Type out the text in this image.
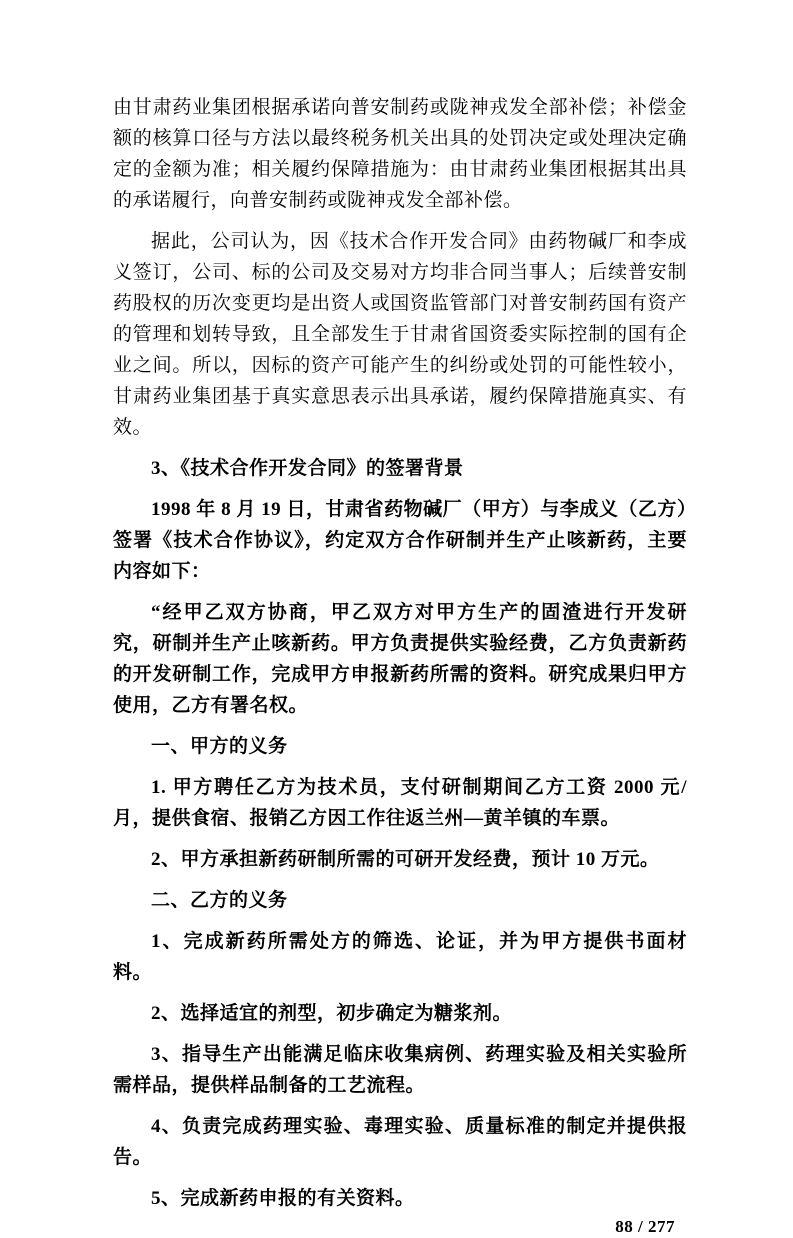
由甘肃药业集团根据承诺向普安制药或陇神戎发全部补偿；补偿金额的核算口径与方法以最终税务机关出具的处罚决定或处理决定确定的金额为准；相关履约保障措施为：由甘肃药业集团根据其出具的承诺履行，向普安制药或陇神戎发全部补偿。

据此，公司认为，因《技术合作开发合同》由药物碱厂和李成义签订，公司、标的公司及交易对方均非合同当事人；后续普安制药股权的历次变更均是出资人或国资监管部门对普安制药国有资产的管理和划转导致，且全部发生于甘肃省国资委实际控制的国有企业之间。所以，因标的资产可能产生的纠纷或处罚的可能性较小，甘肃药业集团基于真实意思表示出具承诺，履约保障措施真实、有效。

3、《技术合作开发合同》的签署背景

1998 年 8 月 19 日，甘肃省药物碱厂（甲方）与李成义（乙方）签署《技术合作协议》，约定双方合作研制并生产止咳新药，主要内容如下：

“经甲乙双方协商，甲乙双方对甲方生产的固渣进行开发研究，研制并生产止咳新药。甲方负责提供实验经费，乙方负责新药的开发研制工作，完成甲方申报新药所需的资料。研究成果归甲方使用，乙方有署名权。

一、甲方的义务

1. 甲方聘任乙方为技术员，支付研制期间乙方工资 2000 元/月，提供食宿、报销乙方因工作往返兰州—黄羊镇的车票。

2、甲方承担新药研制所需的可研开发经费，预计 10 万元。

二、乙方的义务

1、完成新药所需处方的筛选、论证，并为甲方提供书面材料。

2、选择适宜的剂型，初步确定为糖浆剂。

3、指导生产出能满足临床收集病例、药理实验及相关实验所需样品，提供样品制备的工艺流程。

4、负责完成药理实验、毒理实验、质量标准的制定并提供报告。

5、完成新药申报的有关资料。

88 / 277
